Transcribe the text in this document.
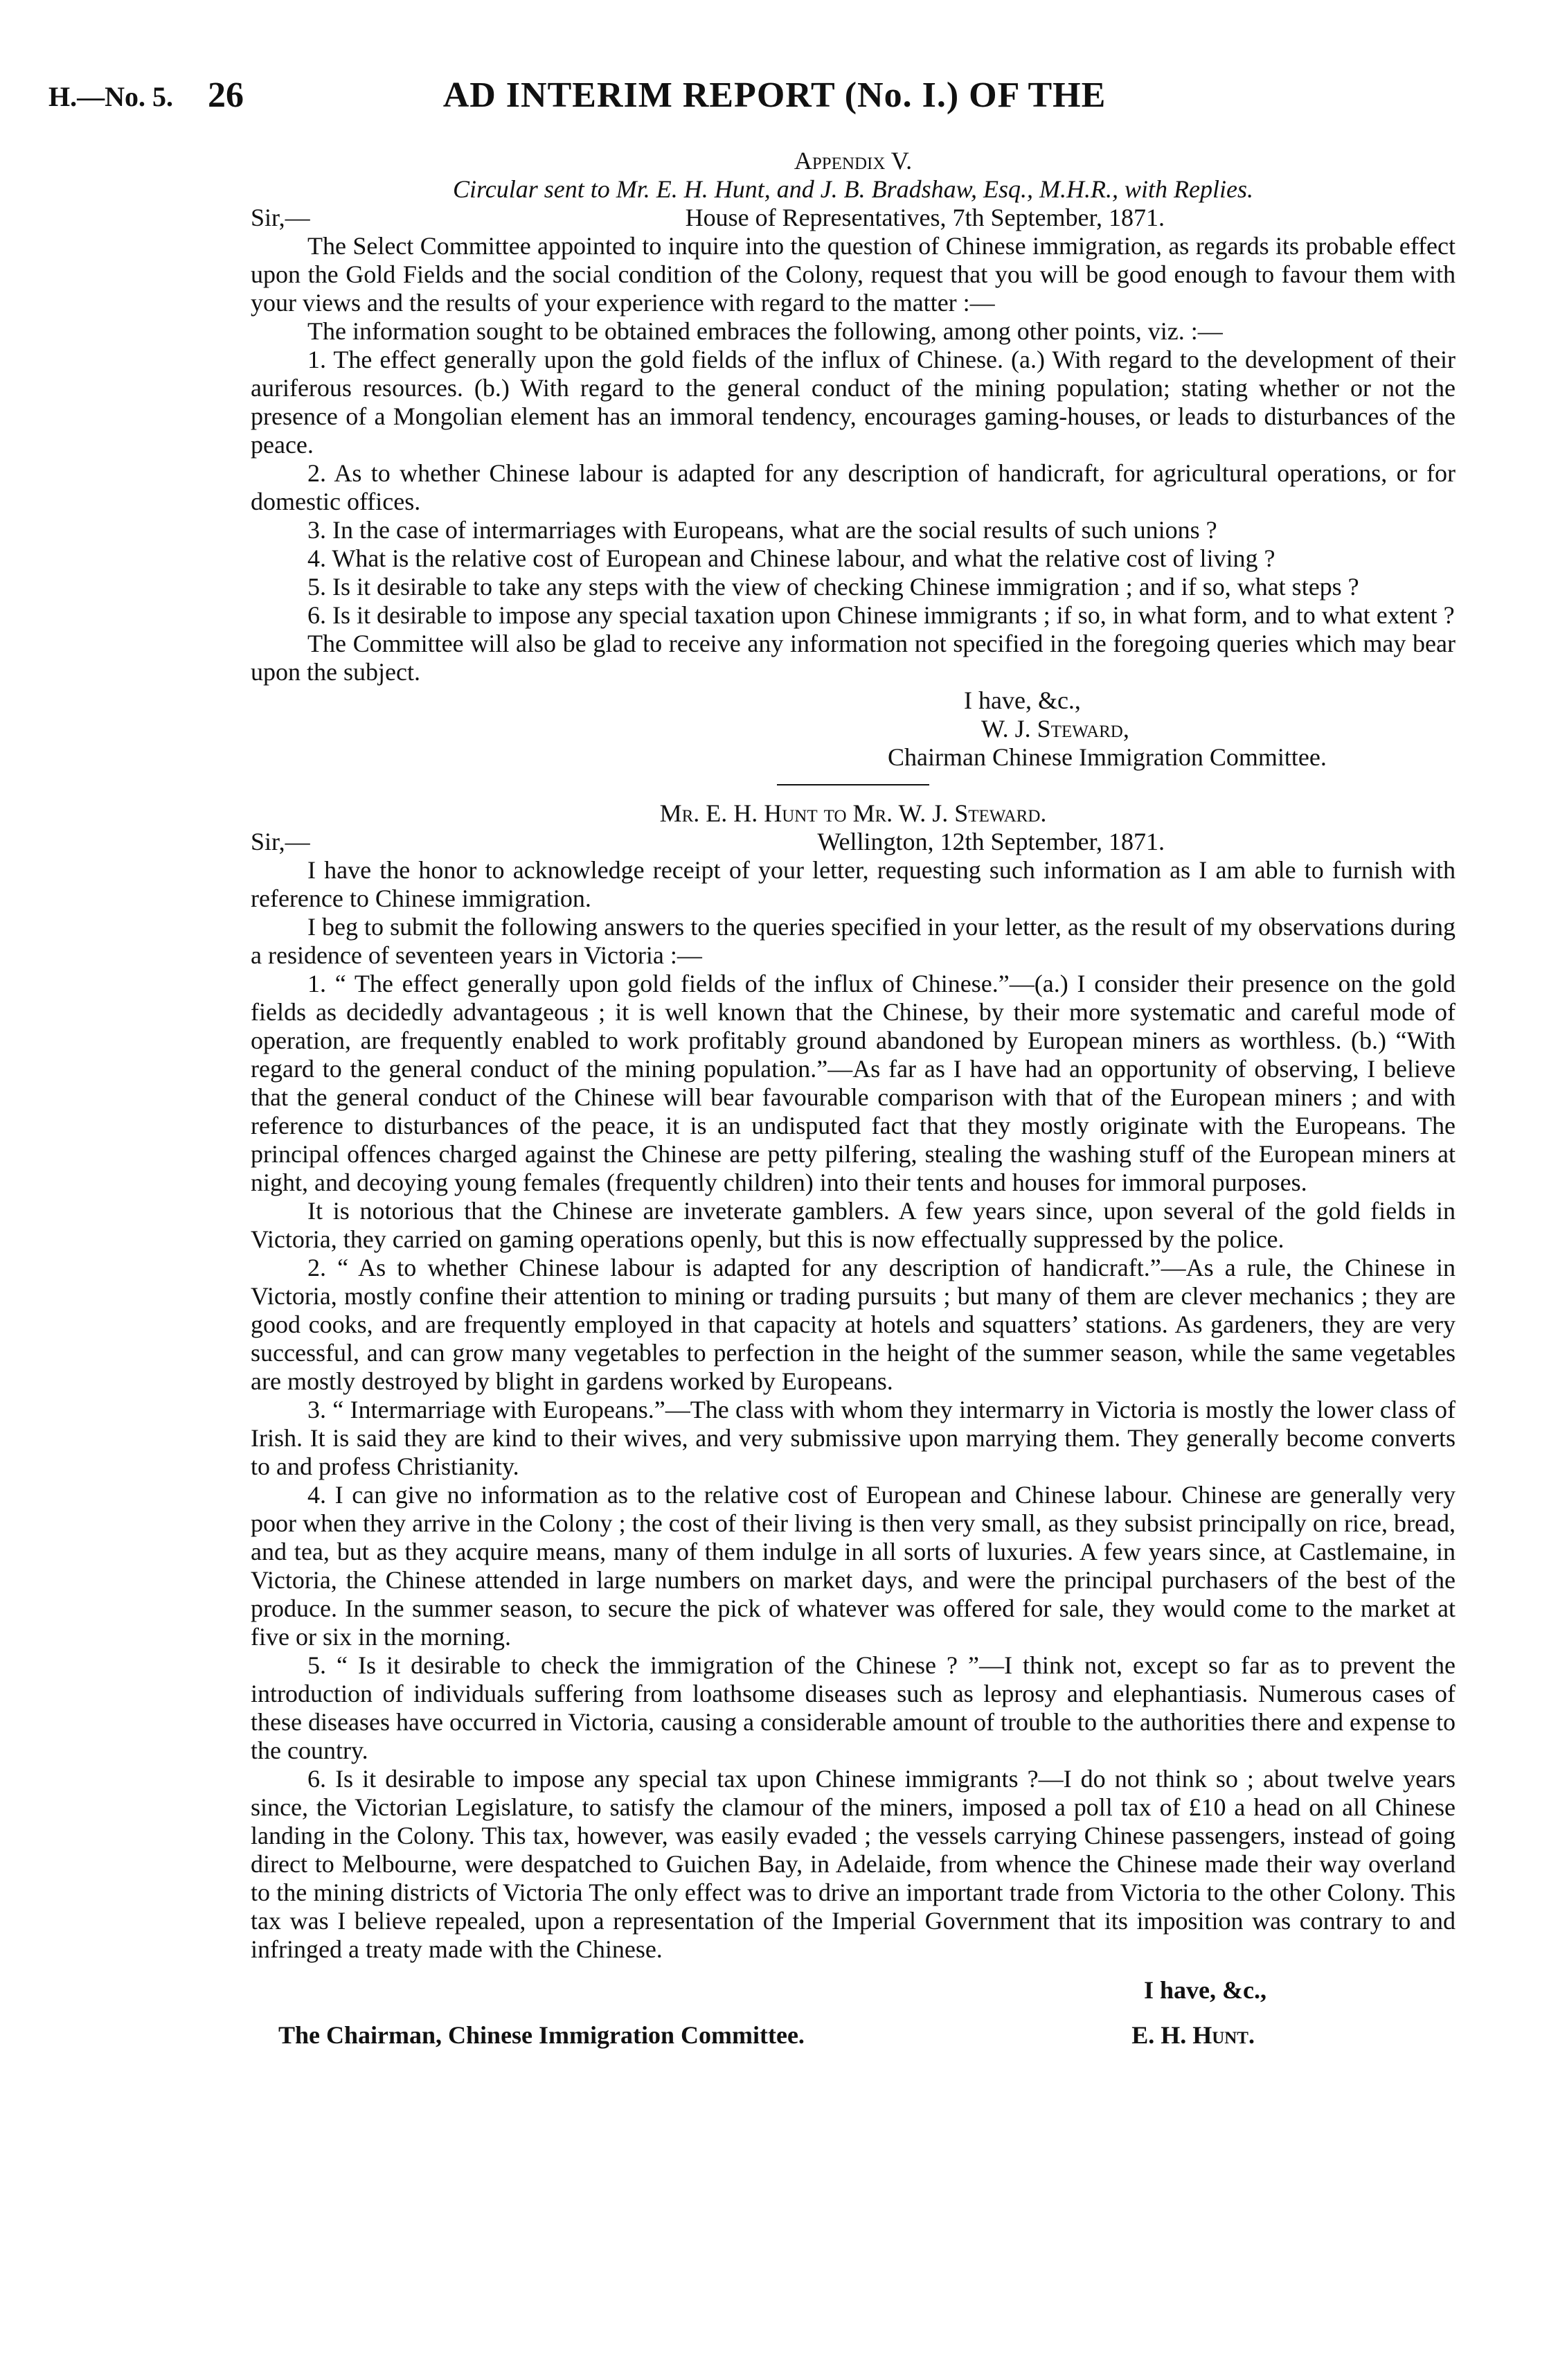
H.—No. 5. 26	AD INTERIM REPORT (No. I.) OF THE

Appendix V.

Circular sent to Mr. E. H. Hunt, and J. B. Bradshaw, Esq., M.H.R., with Replies.

Sir,—	House of Representatives, 7th September, 1871.

The Select Committee appointed to inquire into the question of Chinese immigration, as regards its probable effect upon the Gold Fields and the social condition of the Colony, request that you will be good enough to favour them with your views and the results of your experience with regard to the matter :—

The information sought to be obtained embraces the following, among other points, viz. :—

1. The effect generally upon the gold fields of the influx of Chinese. (a.) With regard to the development of their auriferous resources. (b.) With regard to the general conduct of the mining population; stating whether or not the presence of a Mongolian element has an immoral tendency, encourages gaming-houses, or leads to disturbances of the peace.

2. As to whether Chinese labour is adapted for any description of handicraft, for agricultural operations, or for domestic offices.

3. In the case of intermarriages with Europeans, what are the social results of such unions ?

4. What is the relative cost of European and Chinese labour, and what the relative cost of living ?

5. Is it desirable to take any steps with the view of checking Chinese immigration ; and if so, what steps ?

6. Is it desirable to impose any special taxation upon Chinese immigrants ; if so, in what form, and to what extent ?

The Committee will also be glad to receive any information not specified in the foregoing queries which may bear upon the subject.

I have, &c.,
W. J. Steward,
Chairman Chinese Immigration Committee.

Mr. E. H. Hunt to Mr. W. J. Steward.

Sir,—	Wellington, 12th September, 1871.

I have the honor to acknowledge receipt of your letter, requesting such information as I am able to furnish with reference to Chinese immigration.

I beg to submit the following answers to the queries specified in your letter, as the result of my observations during a residence of seventeen years in Victoria :—

1. “ The effect generally upon gold fields of the influx of Chinese.”—(a.) I consider their presence on the gold fields as decidedly advantageous ; it is well known that the Chinese, by their more systematic and careful mode of operation, are frequently enabled to work profitably ground abandoned by European miners as worthless. (b.) “With regard to the general conduct of the mining population.”—As far as I have had an opportunity of observing, I believe that the general conduct of the Chinese will bear favourable comparison with that of the European miners ; and with reference to disturbances of the peace, it is an undisputed fact that they mostly originate with the Europeans. The principal offences charged against the Chinese are petty pilfering, stealing the washing stuff of the European miners at night, and decoying young females (frequently children) into their tents and houses for immoral purposes.

It is notorious that the Chinese are inveterate gamblers. A few years since, upon several of the gold fields in Victoria, they carried on gaming operations openly, but this is now effectually suppressed by the police.

2. “ As to whether Chinese labour is adapted for any description of handicraft.”—As a rule, the Chinese in Victoria, mostly confine their attention to mining or trading pursuits ; but many of them are clever mechanics ; they are good cooks, and are frequently employed in that capacity at hotels and squatters’ stations. As gardeners, they are very successful, and can grow many vegetables to perfection in the height of the summer season, while the same vegetables are mostly destroyed by blight in gardens worked by Europeans.

3. “ Intermarriage with Europeans.”—The class with whom they intermarry in Victoria is mostly the lower class of Irish. It is said they are kind to their wives, and very submissive upon marrying them. They generally become converts to and profess Christianity.

4. I can give no information as to the relative cost of European and Chinese labour. Chinese are generally very poor when they arrive in the Colony ; the cost of their living is then very small, as they subsist principally on rice, bread, and tea, but as they acquire means, many of them indulge in all sorts of luxuries. A few years since, at Castlemaine, in Victoria, the Chinese attended in large numbers on market days, and were the principal purchasers of the best of the produce. In the summer season, to secure the pick of whatever was offered for sale, they would come to the market at five or six in the morning.

5. “ Is it desirable to check the immigration of the Chinese ? ”—I think not, except so far as to prevent the introduction of individuals suffering from loathsome diseases such as leprosy and elephantiasis. Numerous cases of these diseases have occurred in Victoria, causing a considerable amount of trouble to the authorities there and expense to the country.

6. Is it desirable to impose any special tax upon Chinese immigrants ?—I do not think so ; about twelve years since, the Victorian Legislature, to satisfy the clamour of the miners, imposed a poll tax of £10 a head on all Chinese landing in the Colony. This tax, however, was easily evaded ; the vessels carrying Chinese passengers, instead of going direct to Melbourne, were despatched to Guichen Bay, in Adelaide, from whence the Chinese made their way overland to the mining districts of Victoria The only effect was to drive an important trade from Victoria to the other Colony. This tax was I believe repealed, upon a representation of the Imperial Government that its imposition was contrary to and infringed a treaty made with the Chinese.

I have, &c.,
The Chairman, Chinese Immigration Committee.	E. H. Hunt.
